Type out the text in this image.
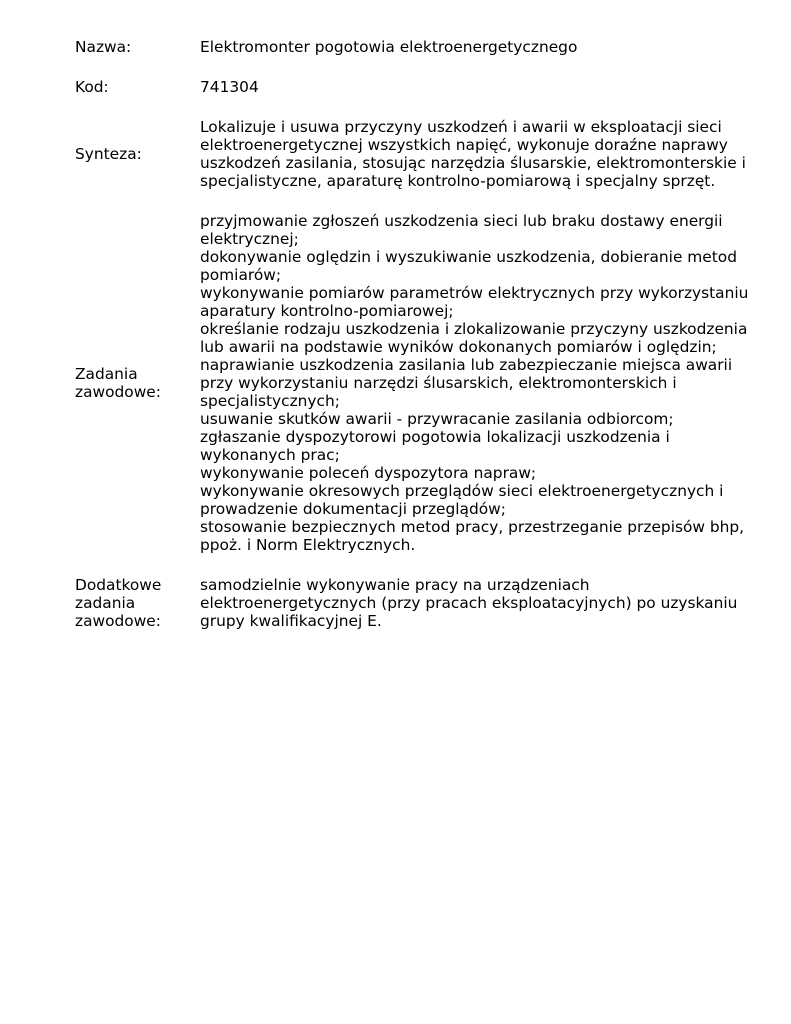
Nazwa:	Elektromonter pogotowia elektroenergetycznego
Kod:	741304
Synteza:
Lokalizuje i usuwa przyczyny uszkodzeń i awarii w eksploatacji sieci elektroenergetycznej wszystkich napięć, wykonuje doraźne naprawy uszkodzeń zasilania, stosując narzędzia ślusarskie, elektromonterskie i specjalistyczne, aparaturę kontrolno-pomiarową i specjalny sprzęt.
Zadania
zawodowe:
przyjmowanie zgłoszeń uszkodzenia sieci lub braku dostawy energii elektrycznej;
dokonywanie oględzin i wyszukiwanie uszkodzenia, dobieranie metod pomiarów;
wykonywanie pomiarów parametrów elektrycznych przy wykorzystaniu aparatury kontrolno-pomiarowej;
określanie rodzaju uszkodzenia i zlokalizowanie przyczyny uszkodzenia lub awarii na podstawie wyników dokonanych pomiarów i oględzin;
naprawianie uszkodzenia zasilania lub zabezpieczanie miejsca awarii przy wykorzystaniu narzędzi ślusarskich, elektromonterskich i specjalistycznych;
usuwanie skutków awarii - przywracanie zasilania odbiorcom;
zgłaszanie dyspozytorowi pogotowia lokalizacji uszkodzenia i wykonanych prac;
wykonywanie poleceń dyspozytora napraw;
wykonywanie okresowych przeglądów sieci elektroenergetycznych i prowadzenie dokumentacji przeglądów;
stosowanie bezpiecznych metod pracy, przestrzeganie przepisów bhp, ppoż. i Norm Elektrycznych.
Dodatkowe
zadania
zawodowe:
samodzielnie wykonywanie pracy na urządzeniach elektroenergetycznych (przy pracach eksploatacyjnych) po uzyskaniu grupy kwalifikacyjnej E.
